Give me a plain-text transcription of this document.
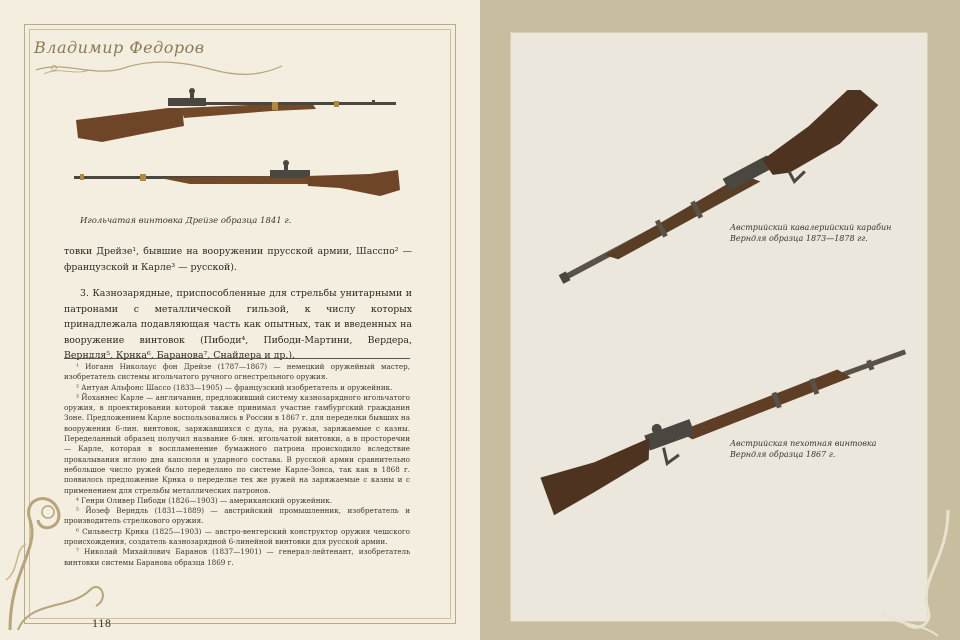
Владимир Федоров
Игольчатая винтовка Дрейзе образца 1841 г.

товки Дрейзе¹, бывшие на вооружении прусской армии, Шасспо² — французской и Карле³ — русской).

3. Казнозарядные, приспособленные для стрельбы унитарными и патронами с металлической гильзой, к числу которых принадлежала подавляющая часть как опытных, так и введенных на вооружение винтовок (Пибоди⁴, Пибоди-Мартини, Вердера, Верндля⁵, Крнка⁶, Баранова⁷, Снайдера и др.).

¹ Иоганн Николаус фон Дрейзе (1787—1867) — немецкий оружейный мастер, изобретатель системы игольчатого ручного огнестрельного оружия.

² Антуан Альфонс Шассо (1833—1905) — французский изобретатель и оружейник.

³ Йоханнес Карле — англичанин, предложивший систему казнозарядного игольчатого оружия, в проектировании которой также принимал участие гамбургский гражданин Зоне. Предложением Карле воспользовались в России в 1867 г. для переделки бывших на вооружении 6-лин. винтовок, заряжавшихся с дула, на ружья, заряжаемые с казны. Переделанный образец получил название 6-лин. игольчатой винтовки, а в просторечии — Карле, которая в воспламенение бумажного патрона происходило вследствие прокалывания иглою дна капсюля и ударного состава. В русской армии сравнительно небольшое число ружей было переделано по системе Карле-Зонса, так как в 1868 г. появилось предложение Крнка о переделке тех же ружей на заряжаемые с казны и с применением для стрельбы металлических патронов.

⁴ Генри Оливер Пибоди (1826—1903) — американский оружейник.

⁵ Йозеф Верндль (1831—1889) — австрийский промышленник, изобретатель и производитель стрелкового оружия.

⁶ Сильвестр Крнка (1825—1903) — австро-венгерский конструктор оружия чешского происхождения, создатель казнозарядной 6-линейной винтовки для русской армии.

⁷ Николай Михайлович Баранов (1837—1901) — генерал-лейтенант, изобретатель винтовки системы Баранова образца 1869 г.

118
Австрийский кавалерийский карабин Верндля образца 1873—1878 гг.
Австрийская пехотная винтовка Верндля образца 1867 г.
